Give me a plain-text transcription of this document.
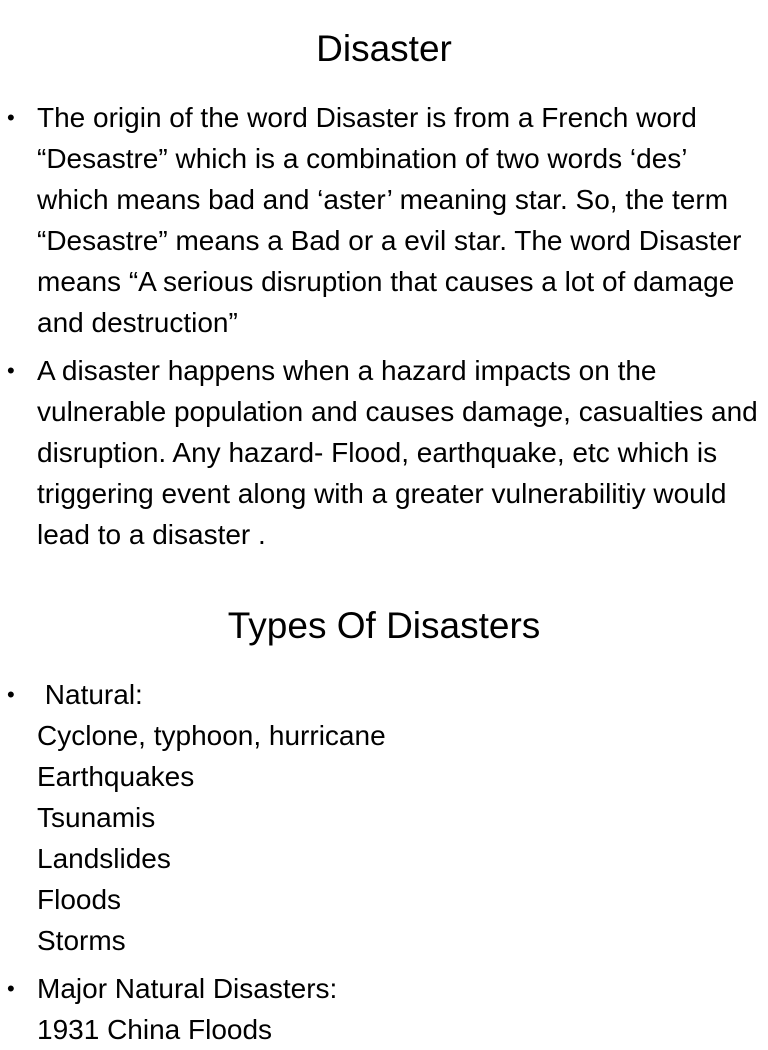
Disaster
• The origin of the word Disaster is from a French word “Desastre” which is a combination of two words ‘des’ which means bad and ‘aster’ meaning star. So, the term “Desastre” means a Bad or a evil star. The word Disaster means “A serious disruption that causes a lot of damage and destruction”
• A disaster happens when a hazard impacts on the vulnerable population and causes damage, casualties and disruption. Any hazard- Flood, earthquake, etc which is triggering event along with a greater vulnerabilitiy would lead to a disaster .
Types Of Disasters
• Natural:
Cyclone, typhoon, hurricane
Earthquakes
Tsunamis
Landslides
Floods
Storms
• Major Natural Disasters:
1931 China Floods
